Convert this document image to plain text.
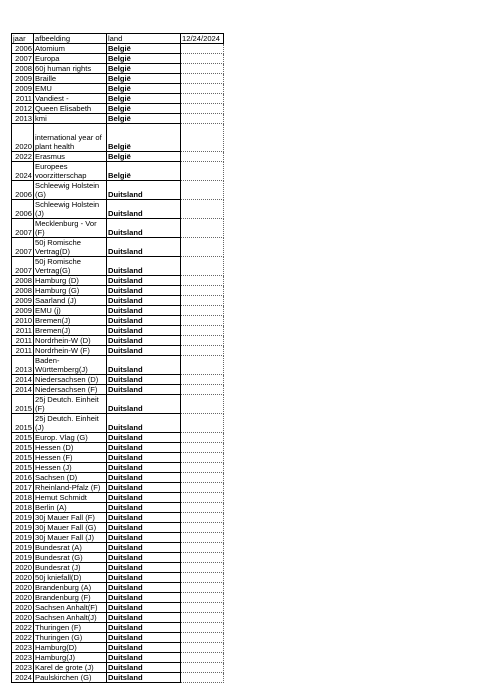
jaar	afbeelding	land	12/24/2024
2006	Atomium	België	
2007	Europa	België	
2008	60j human rights	België	
2009	Braille	België	
2009	EMU	België	
2011	Vandiest -	België	
2012	Queen Elisabeth	België	
2013	kmi	België	
2020	international year of plant health	België	
2022	Erasmus	België	
2024	Europees voorzitterschap	België	
2006	Schleewig Holstein (G)	Duitsland	
2006	Schleewig Holstein (J)	Duitsland	
2007	Mecklenburg - Vor (F)	Duitsland	
2007	50j Romische Vertrag(D)	Duitsland	
2007	50j Romische Vertrag(G)	Duitsland	
2008	Hamburg (D)	Duitsland	
2008	Hamburg (G)	Duitsland	
2009	Saarland (J)	Duitsland	
2009	EMU (j)	Duitsland	
2010	Bremen(J)	Duitsland	
2011	Bremen(J)	Duitsland	
2011	Nordrhein-W (D)	Duitsland	
2011	Nordrhein-W (F)	Duitsland	
2013	Baden-Württemberg(J)	Duitsland	
2014	Niedersachsen (D)	Duitsland	
2014	Niedersachsen (F)	Duitsland	
2015	25j Deutch. Einheit (F)	Duitsland	
2015	25j Deutch. Einheit (J)	Duitsland	
2015	Europ. Vlag (G)	Duitsland	
2015	Hessen (D)	Duitsland	
2015	Hessen (F)	Duitsland	
2015	Hessen (J)	Duitsland	
2016	Sachsen (D)	Duitsland	
2017	Rheinland-Pfalz (F)	Duitsland	
2018	Hemut Schmidt	Duitsland	
2018	Berlin (A)	Duitsland	
2019	30j Mauer Fall (F)	Duitsland	
2019	30j Mauer Fall (G)	Duitsland	
2019	30j Mauer Fall (J)	Duitsland	
2019	Bundesrat (A)	Duitsland	
2019	Bundesrat (G)	Duitsland	
2020	Bundesrat (J)	Duitsland	
2020	50j kniefall(D)	Duitsland	
2020	Brandenburg (A)	Duitsland	
2020	Brandenburg (F)	Duitsland	
2020	Sachsen Anhalt(F)	Duitsland	
2020	Sachsen Anhalt(J)	Duitsland	
2022	Thuringen (F)	Duitsland	
2022	Thuringen (G)	Duitsland	
2023	Hamburg(D)	Duitsland	
2023	Hamburg(J)	Duitsland	
2023	Karel de grote (J)	Duitsland	
2024	Paulskirchen (G)	Duitsland	
